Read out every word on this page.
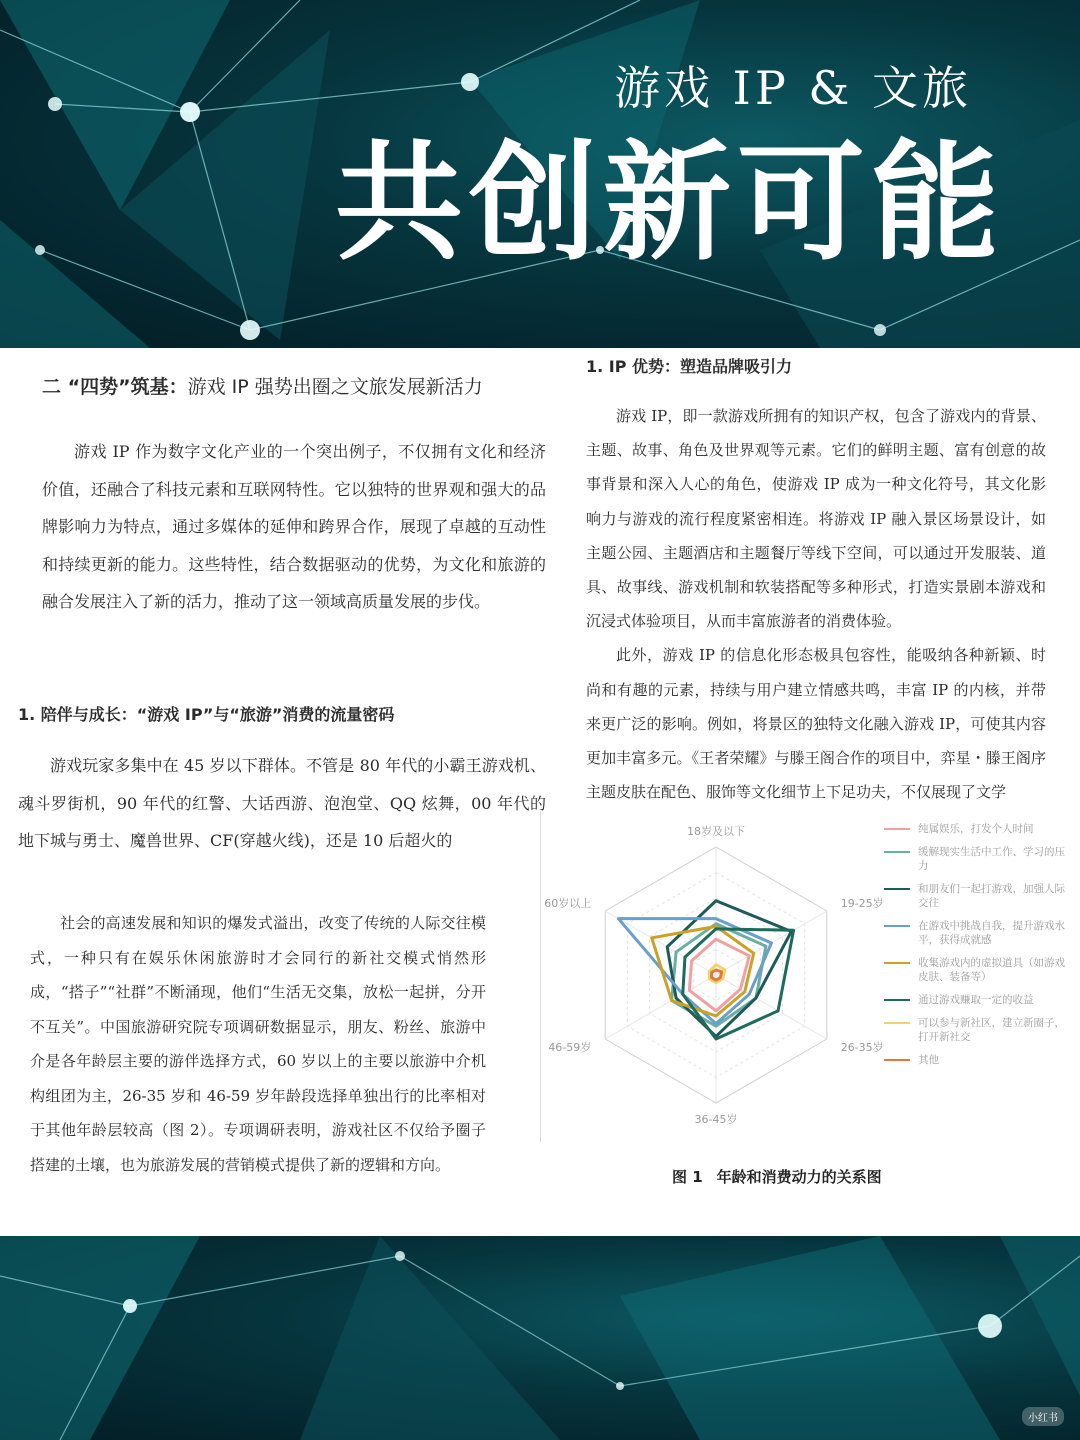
游戏 IP & 文旅
共创新可能
二 “四势”筑基：游戏 IP 强势出圈之文旅发展新活力

游戏 IP 作为数字文化产业的一个突出例子，不仅拥有文化和经济价值，还融合了科技元素和互联网特性。它以独特的世界观和强大的品牌影响力为特点，通过多媒体的延伸和跨界合作，展现了卓越的互动性和持续更新的能力。这些特性，结合数据驱动的优势，为文化和旅游的融合发展注入了新的活力，推动了这一领域高质量发展的步伐。

1. 陪伴与成长：“游戏 IP”与“旅游”消费的流量密码

游戏玩家多集中在 45 岁以下群体。不管是 80 年代的小霸王游戏机、魂斗罗街机，90 年代的红警、大话西游、泡泡堂、QQ 炫舞，00 年代的地下城与勇士、魔兽世界、CF(穿越火线)，还是 10 后超火的

社会的高速发展和知识的爆发式溢出，改变了传统的人际交往模式，一种只有在娱乐休闲旅游时才会同行的新社交模式悄然形成，“搭子”“社群”不断涌现，他们“生活无交集，放松一起拼，分开不互关”。中国旅游研究院专项调研数据显示，朋友、粉丝、旅游中介是各年龄层主要的游伴选择方式，60 岁以上的主要以旅游中介机构组团为主，26-35 岁和 46-59 岁年龄段选择单独出行的比率相对于其他年龄层较高（图 2）。专项调研表明，游戏社区不仅给予圈子搭建的土壤，也为旅游发展的营销模式提供了新的逻辑和方向。

1. IP 优势：塑造品牌吸引力

游戏 IP，即一款游戏所拥有的知识产权，包含了游戏内的背景、主题、故事、角色及世界观等元素。它们的鲜明主题、富有创意的故事背景和深入人心的角色，使游戏 IP 成为一种文化符号，其文化影响力与游戏的流行程度紧密相连。将游戏 IP 融入景区场景设计，如主题公园、主题酒店和主题餐厅等线下空间，可以通过开发服装、道具、故事线、游戏机制和软装搭配等多种形式，打造实景剧本游戏和沉浸式体验项目，从而丰富旅游者的消费体验。

此外，游戏 IP 的信息化形态极具包容性，能吸纳各种新颖、时尚和有趣的元素，持续与用户建立情感共鸣，丰富 IP 的内核，并带来更广泛的影响。例如，将景区的独特文化融入游戏 IP，可使其内容更加丰富多元。《王者荣耀》与滕王阁合作的项目中，弈星・滕王阁序主题皮肤在配色、服饰等文化细节上下足功夫，不仅展现了文学

18岁及以下
19-25岁
26-35岁
36-45岁
46-59岁
60岁以上
纯属娱乐，打发个人时间
缓解现实生活中工作、学习的压力
和朋友们一起打游戏，加强人际交往
在游戏中挑战自我，提升游戏水平，获得成就感
收集游戏内的虚拟道具（如游戏皮肤、装备等）
通过游戏赚取一定的收益
可以参与新社区，建立新圈子，打开新社交
其他
图 1 年龄和消费动力的关系图
小红书
